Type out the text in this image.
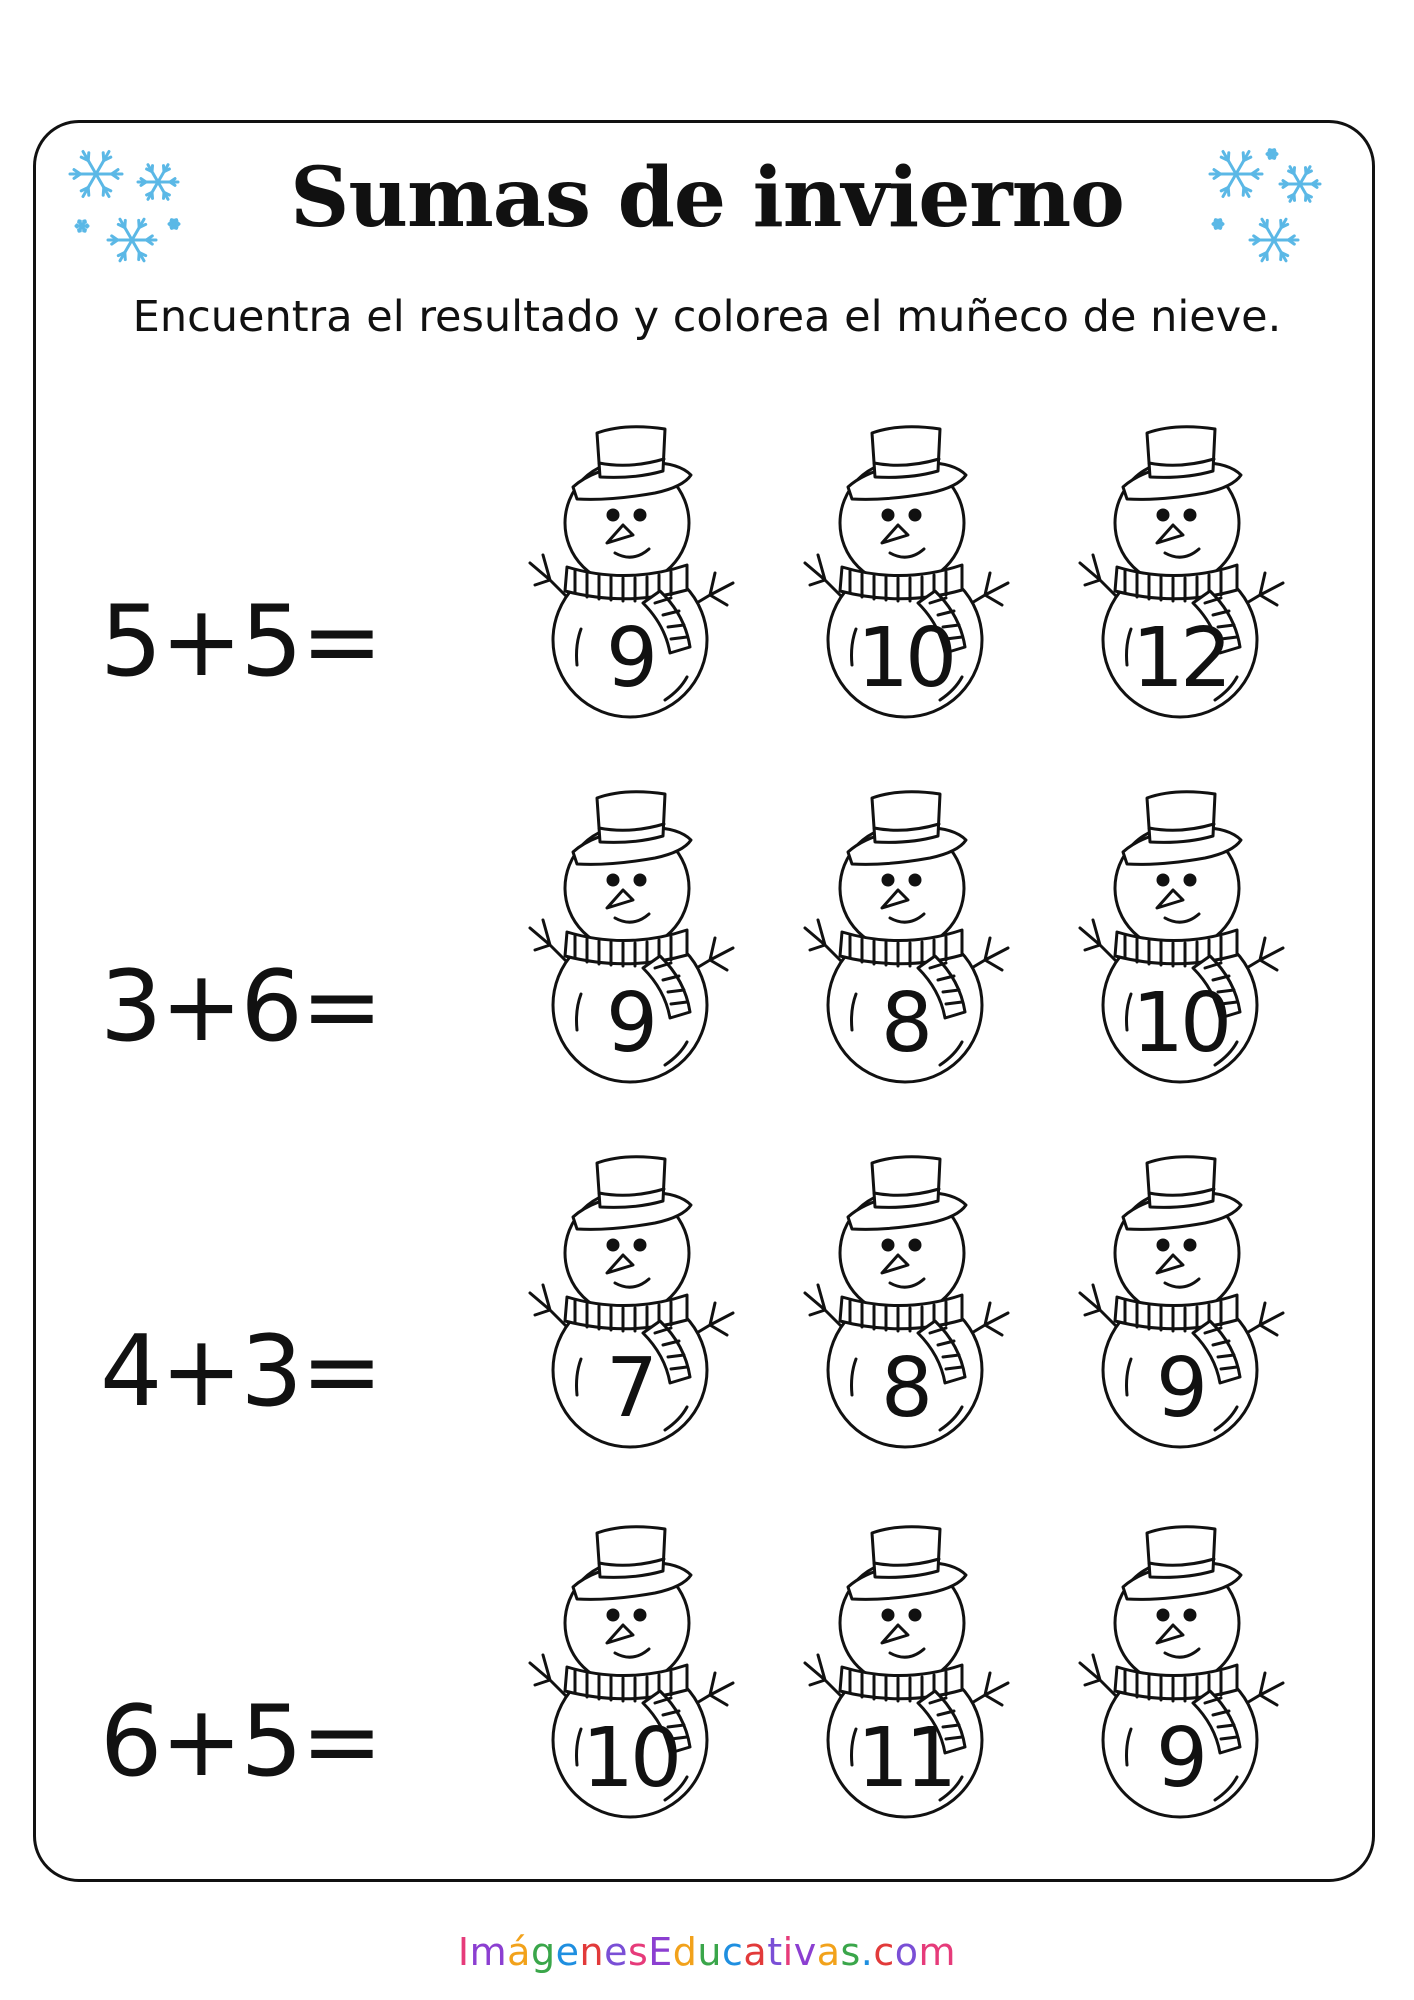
Sumas de invierno
Encuentra el resultado y colorea el muñeco de nieve.
5+5=	9	10	12
3+6=	9	8	10
4+3=	7	8	9
6+5=	10	11	9
ImágenesEducativas.com
